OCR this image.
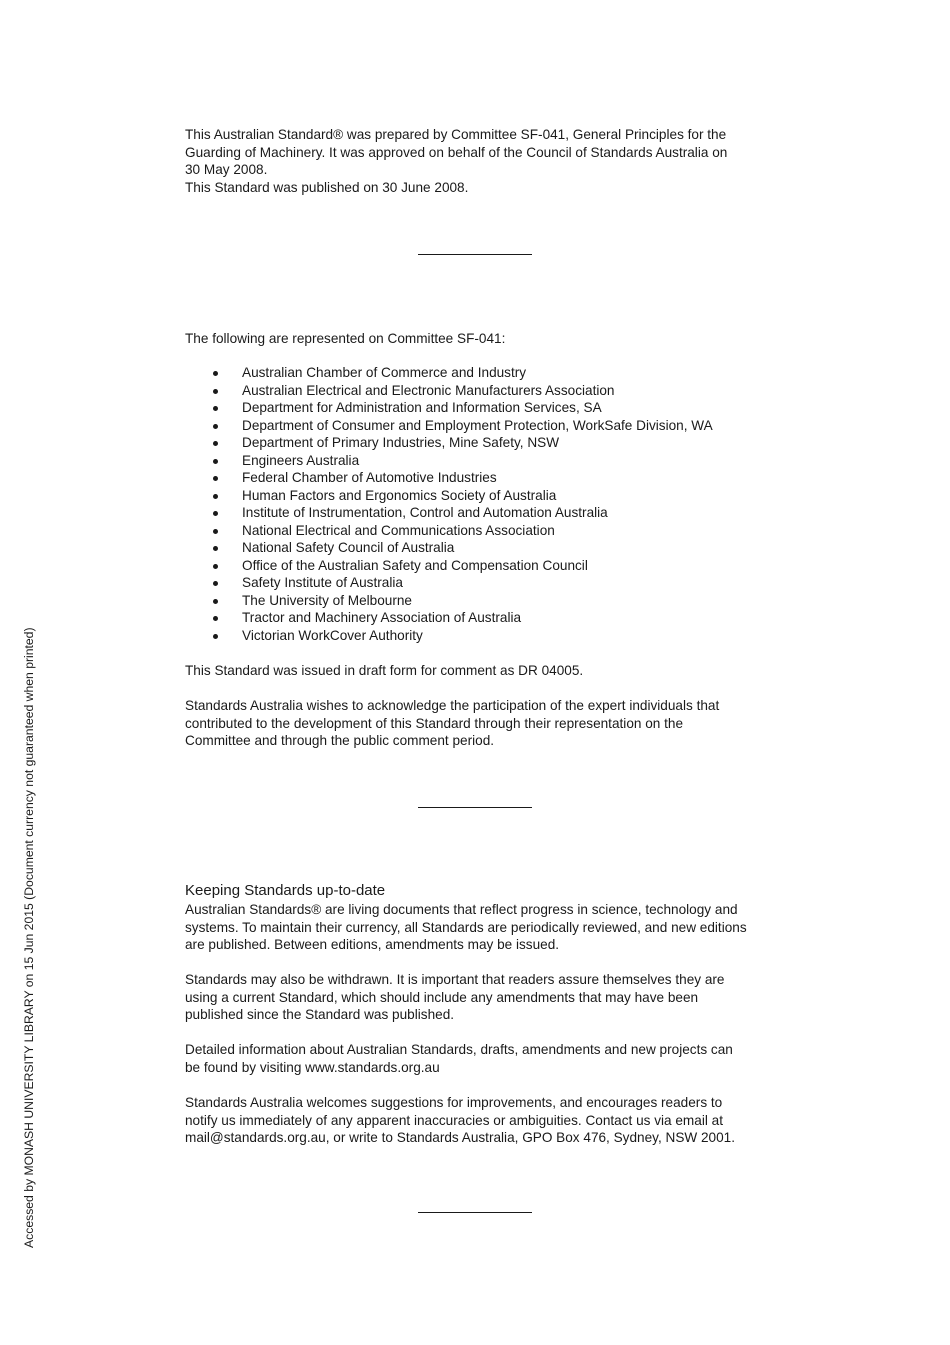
This Australian Standard® was prepared by Committee SF-041, General Principles for the

Guarding of Machinery. It was approved on behalf of the Council of Standards Australia on

30 May 2008.

This Standard was published on 30 June 2008.

The following are represented on Committee SF-041:

Australian Chamber of Commerce and Industry
Australian Electrical and Electronic Manufacturers Association
Department for Administration and Information Services, SA
Department of Consumer and Employment Protection, WorkSafe Division, WA
Department of Primary Industries, Mine Safety, NSW
Engineers Australia
Federal Chamber of Automotive Industries
Human Factors and Ergonomics Society of Australia
Institute of Instrumentation, Control and Automation Australia
National Electrical and Communications Association
National Safety Council of Australia
Office of the Australian Safety and Compensation Council
Safety Institute of Australia
The University of Melbourne
Tractor and Machinery Association of Australia
Victorian WorkCover Authority

This Standard was issued in draft form for comment as DR 04005.

Standards Australia wishes to acknowledge the participation of the expert individuals that

contributed to the development of this Standard through their representation on the

Committee and through the public comment period.

Keeping Standards up-to-date

Australian Standards® are living documents that reflect progress in science, technology and

systems. To maintain their currency, all Standards are periodically reviewed, and new editions

are published. Between editions, amendments may be issued.

Standards may also be withdrawn. It is important that readers assure themselves they are

using a current Standard, which should include any amendments that may have been

published since the Standard was published.

Detailed information about Australian Standards, drafts, amendments and new projects can

be found by visiting www.standards.org.au

Standards Australia welcomes suggestions for improvements, and encourages readers to

notify us immediately of any apparent inaccuracies or ambiguities. Contact us via email at

mail@standards.org.au, or write to Standards Australia, GPO Box 476, Sydney, NSW 2001.

Accessed by MONASH UNIVERSITY LIBRARY on 15 Jun 2015 (Document currency not guaranteed when printed)
